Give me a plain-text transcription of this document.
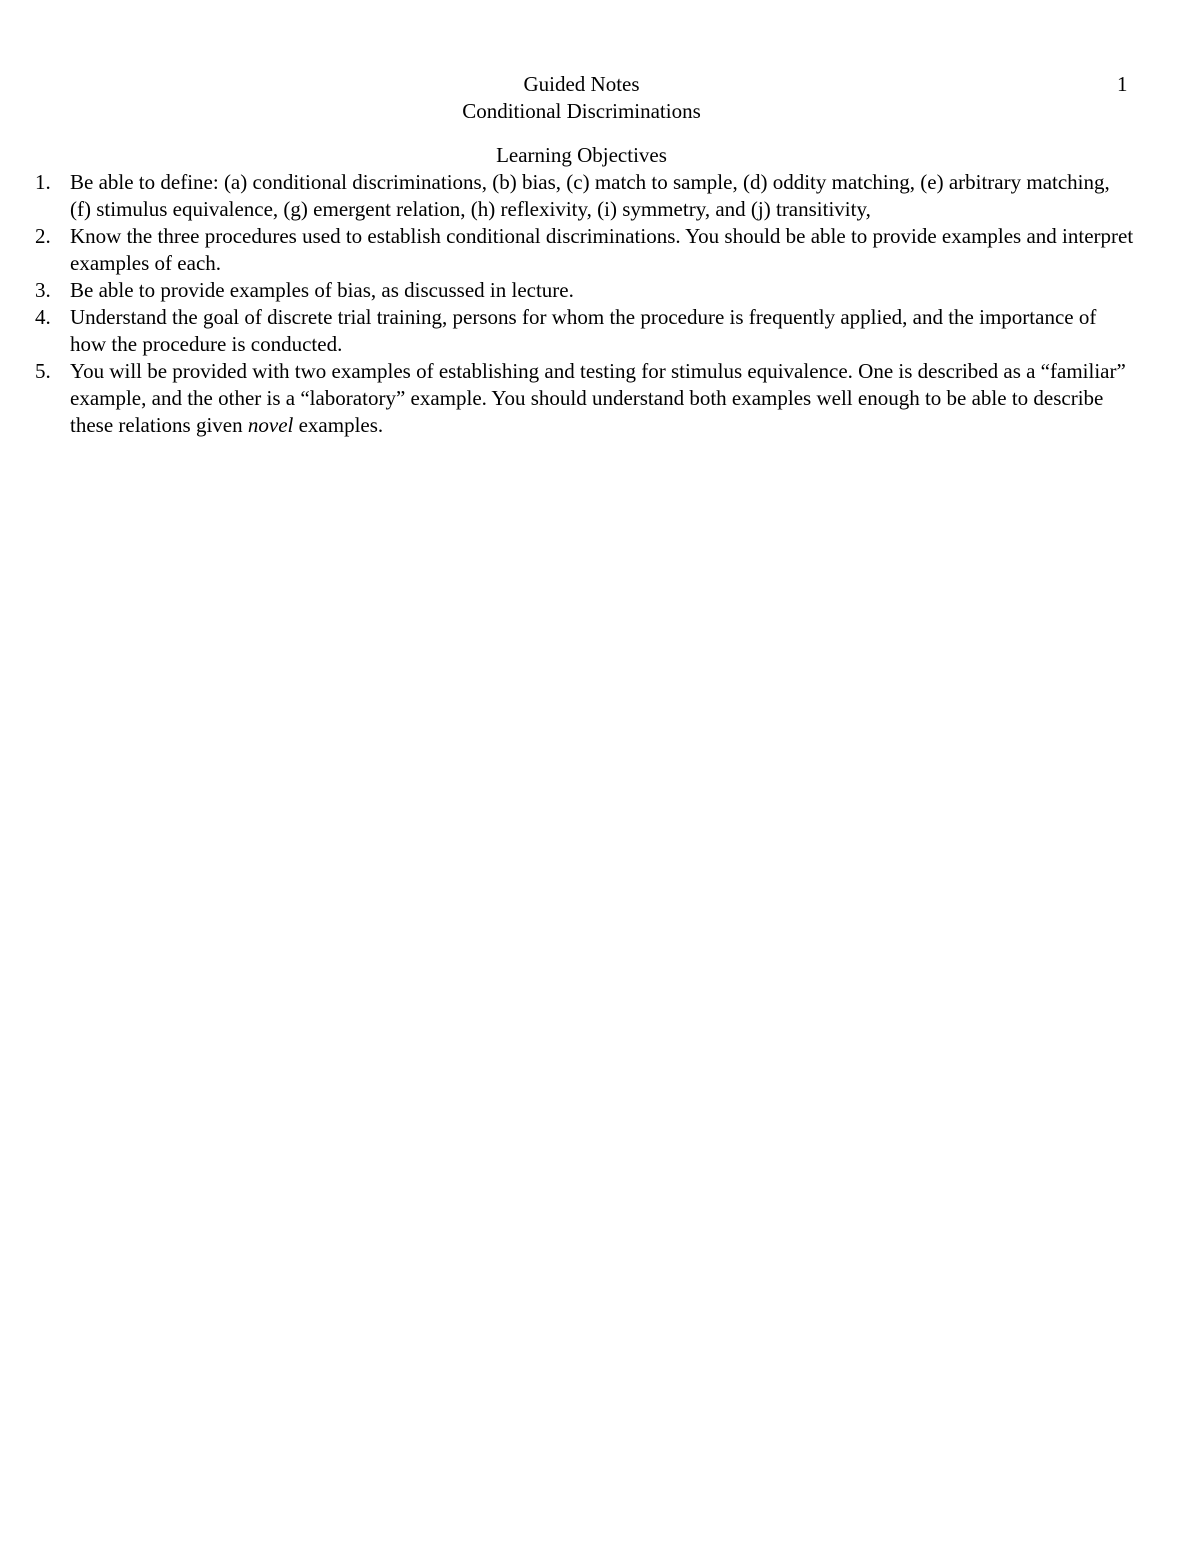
1
Guided Notes
Conditional Discriminations
Learning Objectives
1. Be able to define: (a) conditional discriminations, (b) bias, (c) match to sample, (d) oddity matching, (e) arbitrary matching, (f) stimulus equivalence, (g) emergent relation, (h) reflexivity, (i) symmetry, and (j) transitivity,
2. Know the three procedures used to establish conditional discriminations. You should be able to provide examples and interpret examples of each.
3. Be able to provide examples of bias, as discussed in lecture.
4. Understand the goal of discrete trial training, persons for whom the procedure is frequently applied, and the importance of how the procedure is conducted.
5. You will be provided with two examples of establishing and testing for stimulus equivalence. One is described as a “familiar” example, and the other is a “laboratory” example. You should understand both examples well enough to be able to describe these relations given novel examples.
